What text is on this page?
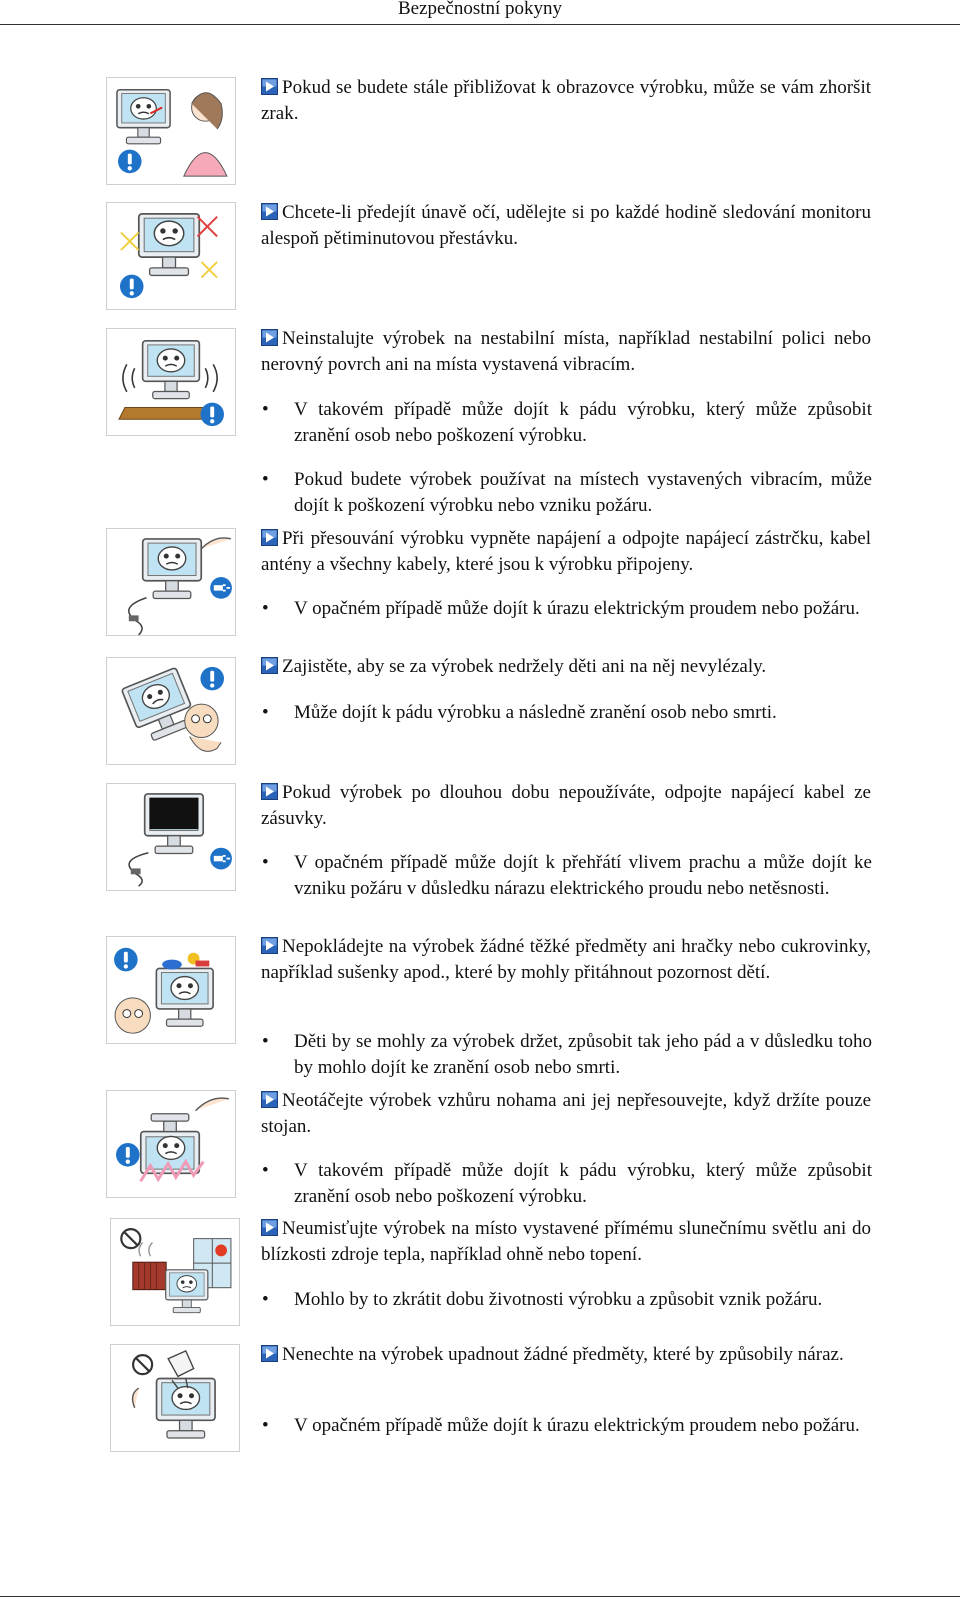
Bezpečnostní pokyny

Pokud se budete stále přibližovat k obrazovce výrobku, může se vám zhoršit zrak.

Chcete-li předejít únavě očí, udělejte si po každé hodině sledování monitoru alespoň pětiminutovou přestávku.

Neinstalujte výrobek na nestabilní místa, například nestabilní polici nebo nerovný povrch ani na místa vystavená vibracím.

•	V takovém případě může dojít k pádu výrobku, který může způsobit zranění osob nebo poškození výrobku.
•	Pokud budete výrobek používat na místech vystavených vibracím, může dojít k poškození výrobku nebo vzniku požáru.

Při přesouvání výrobku vypněte napájení a odpojte napájecí zástrčku, kabel antény a všechny kabely, které jsou k výrobku připojeny.

•	V opačném případě může dojít k úrazu elektrickým proudem nebo požáru.

Zajistěte, aby se za výrobek nedržely děti ani na něj nevylézaly.

•	Může dojít k pádu výrobku a následně zranění osob nebo smrti.

Pokud výrobek po dlouhou dobu nepoužíváte, odpojte napájecí kabel ze zásuvky.

•	V opačném případě může dojít k přehřátí vlivem prachu a může dojít ke vzniku požáru v důsledku nárazu elektrického proudu nebo netěsnosti.

Nepokládejte na výrobek žádné těžké předměty ani hračky nebo cukrovinky, například sušenky apod., které by mohly přitáhnout pozornost dětí.

•	Děti by se mohly za výrobek držet, způsobit tak jeho pád a v důsledku toho by mohlo dojít ke zranění osob nebo smrti.

Neotáčejte výrobek vzhůru nohama ani jej nepřesouvejte, když držíte pouze stojan.

•	V takovém případě může dojít k pádu výrobku, který může způsobit zranění osob nebo poškození výrobku.

Neumisťujte výrobek na místo vystavené přímému slunečnímu světlu ani do blízkosti zdroje tepla, například ohně nebo topení.

•	Mohlo by to zkrátit dobu životnosti výrobku a způsobit vznik požáru.

Nenechte na výrobek upadnout žádné předměty, které by způsobily náraz.

•	V opačném případě může dojít k úrazu elektrickým proudem nebo požáru.
